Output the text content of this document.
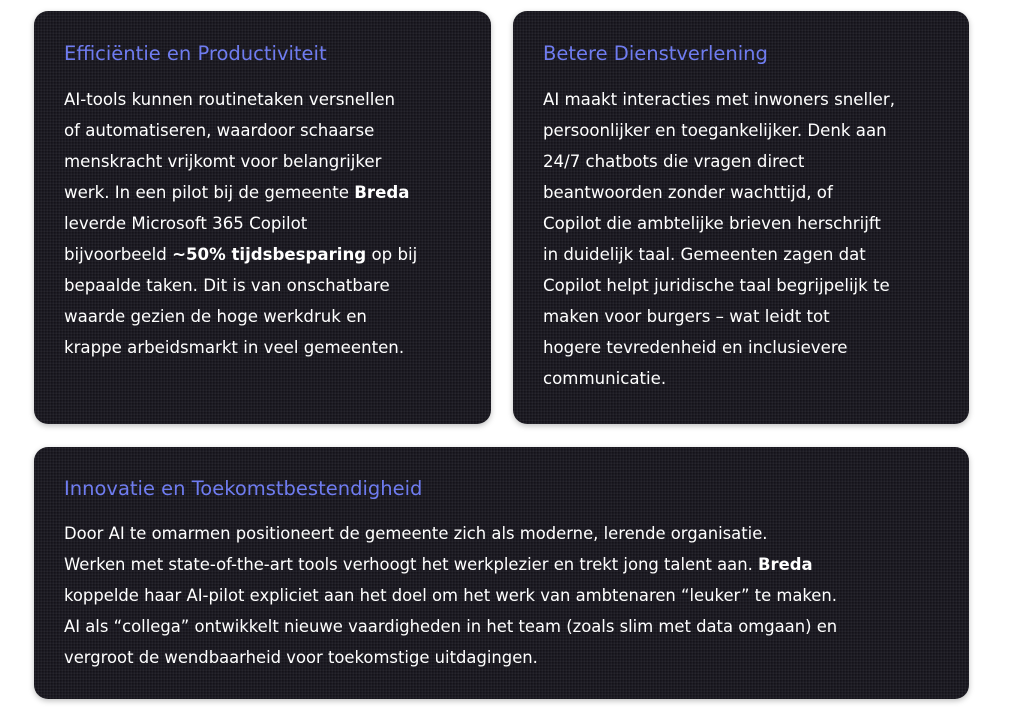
Efficiëntie en Productiviteit
AI-tools kunnen routinetaken versnellen
of automatiseren, waardoor schaarse
menskracht vrijkomt voor belangrijker
werk. In een pilot bij de gemeente Breda
leverde Microsoft 365 Copilot
bijvoorbeeld ~50% tijdsbesparing op bij
bepaalde taken. Dit is van onschatbare
waarde gezien de hoge werkdruk en
krappe arbeidsmarkt in veel gemeenten.
Betere Dienstverlening
AI maakt interacties met inwoners sneller,
persoonlijker en toegankelijker. Denk aan
24/7 chatbots die vragen direct
beantwoorden zonder wachttijd, of
Copilot die ambtelijke brieven herschrijft
in duidelijk taal. Gemeenten zagen dat
Copilot helpt juridische taal begrijpelijk te
maken voor burgers – wat leidt tot
hogere tevredenheid en inclusievere
communicatie.
Innovatie en Toekomstbestendigheid
Door AI te omarmen positioneert de gemeente zich als moderne, lerende organisatie.
Werken met state-of-the-art tools verhoogt het werkplezier en trekt jong talent aan. Breda
koppelde haar AI-pilot expliciet aan het doel om het werk van ambtenaren “leuker” te maken.
AI als “collega” ontwikkelt nieuwe vaardigheden in het team (zoals slim met data omgaan) en
vergroot de wendbaarheid voor toekomstige uitdagingen.
